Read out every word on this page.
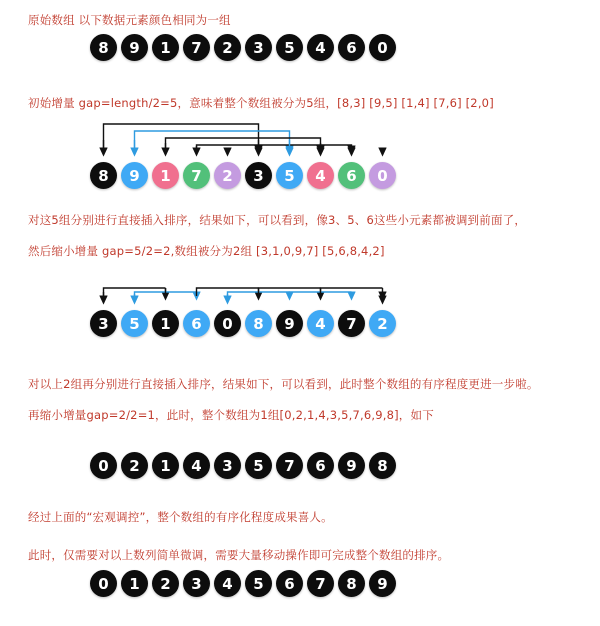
原始数组 以下数据元素颜色相同为一组
初始增量 gap=length/2=5，意味着整个数组被分为5组，[8,3] [9,5] [1,4] [7,6] [2,0]
对这5组分别进行直接插入排序，结果如下，可以看到，像3、5、6这些小元素都被调到前面了，
然后缩小增量 gap=5/2=2,数组被分为2组 [3,1,0,9,7] [5,6,8,4,2]
对以上2组再分别进行直接插入排序，结果如下，可以看到，此时整个数组的有序程度更进一步啦。
再缩小增量gap=2/2=1，此时，整个数组为1组[0,2,1,4,3,5,7,6,9,8]，如下
经过上面的“宏观调控”，整个数组的有序化程度成果喜人。
此时，仅需要对以上数列简单微调，需要大量移动操作即可完成整个数组的排序。
8	9	1	7	2	3	5	4	6	0
8	9	1	7	2	3	5	4	6	0
3	5	1	6	0	8	9	4	7	2
0	2	1	4	3	5	7	6	9	8
0	1	2	3	4	5	6	7	8	9
